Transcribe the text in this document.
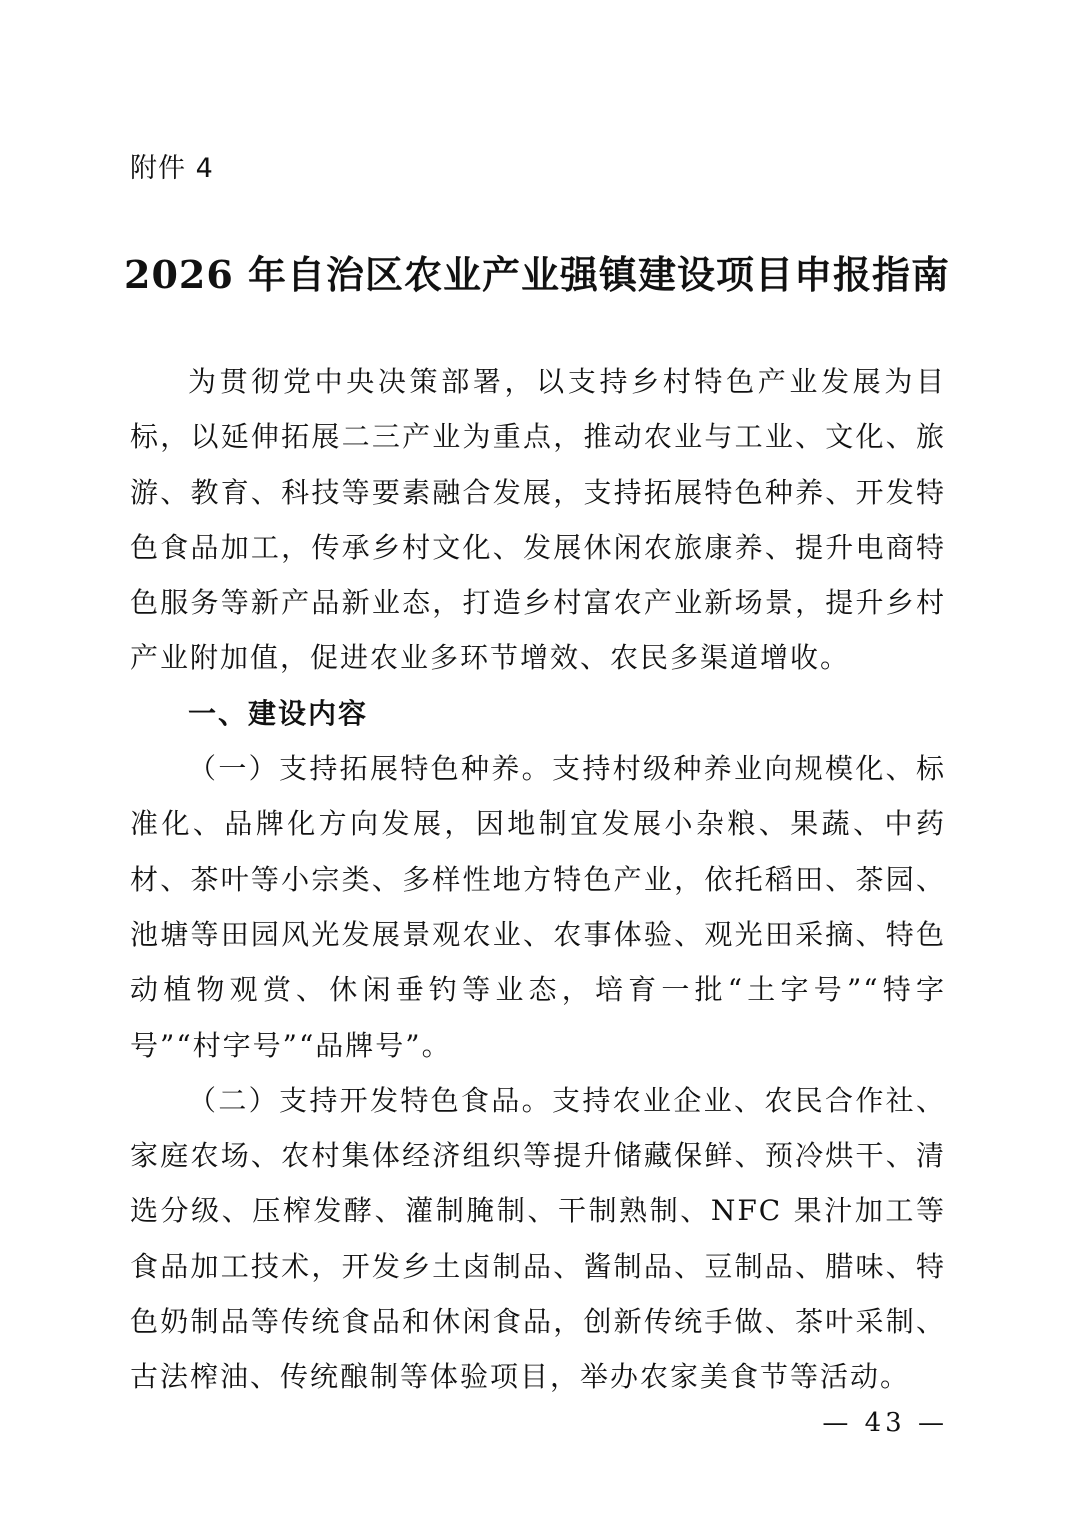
附件 4
2026 年自治区农业产业强镇建设项目申报指南

为贯彻党中央决策部署，以支持乡村特色产业发展为目标，以延伸拓展二三产业为重点，推动农业与工业、文化、旅游、教育、科技等要素融合发展，支持拓展特色种养、开发特色食品加工，传承乡村文化、发展休闲农旅康养、提升电商特色服务等新产品新业态，打造乡村富农产业新场景，提升乡村产业附加值，促进农业多环节增效、农民多渠道增收。

一、建设内容

（一）支持拓展特色种养。支持村级种养业向规模化、标准化、品牌化方向发展，因地制宜发展小杂粮、果蔬、中药材、茶叶等小宗类、多样性地方特色产业，依托稻田、茶园、池塘等田园风光发展景观农业、农事体验、观光田采摘、特色动植物观赏、休闲垂钓等业态，培育一批“土字号”“特字号”“村字号”“品牌号”。

（二）支持开发特色食品。支持农业企业、农民合作社、家庭农场、农村集体经济组织等提升储藏保鲜、预冷烘干、清选分级、压榨发酵、灌制腌制、干制熟制、NFC 果汁加工等食品加工技术，开发乡土卤制品、酱制品、豆制品、腊味、特色奶制品等传统食品和休闲食品，创新传统手做、茶叶采制、古法榨油、传统酿制等体验项目，举办农家美食节等活动。

— 43 —
